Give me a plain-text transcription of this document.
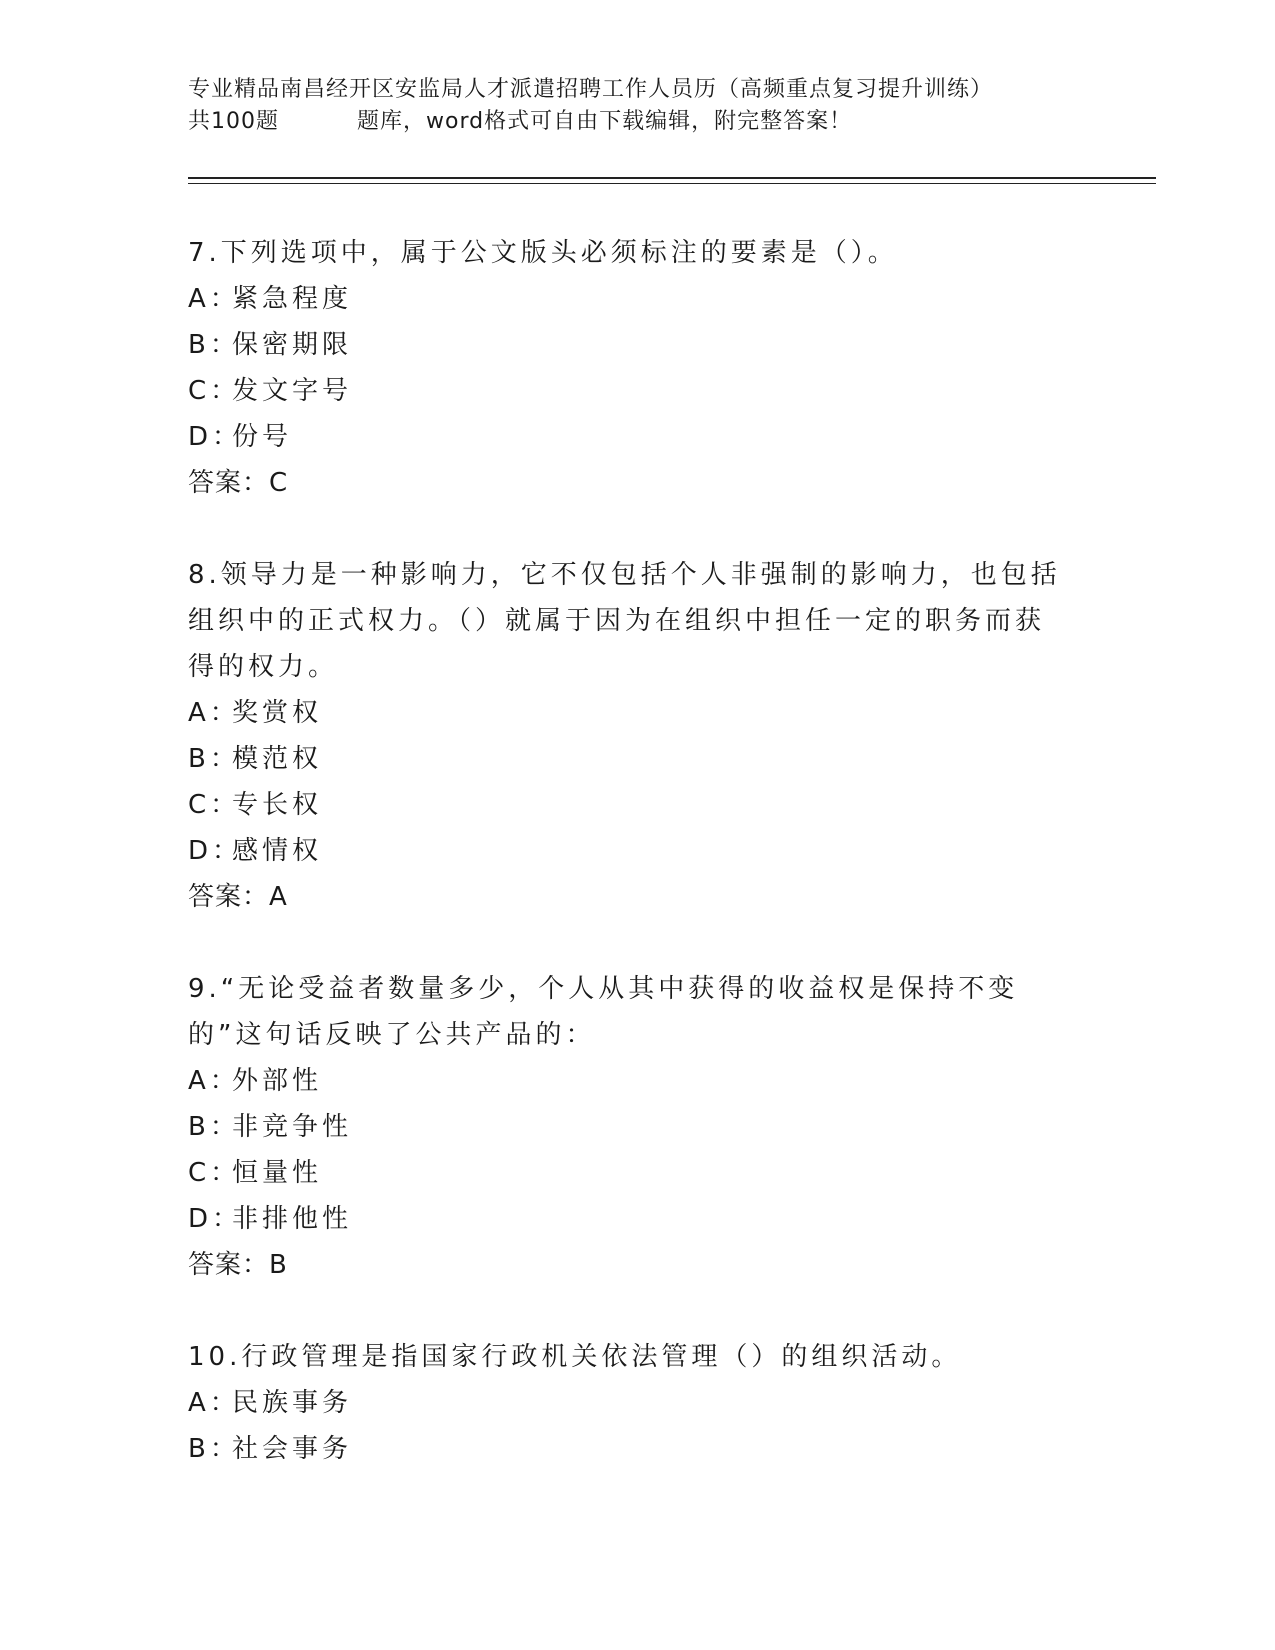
专业精品南昌经开区安监局人才派遣招聘工作人员历（高频重点复习提升训练）
共100题	题库，word格式可自由下载编辑，附完整答案！

7.下列选项中，属于公文版头必须标注的要素是（）。

A：紧急程度

B：保密期限

C：发文字号

D：份号

答案：C

8.领导力是一种影响力，它不仅包括个人非强制的影响力，也包括组织中的正式权力。（）就属于因为在组织中担任一定的职务而获得的权力。

A：奖赏权

B：模范权

C：专长权

D：感情权

答案：A

9.“无论受益者数量多少，个人从其中获得的收益权是保持不变的”这句话反映了公共产品的：

A：外部性

B：非竞争性

C：恒量性

D：非排他性

答案：B

10.行政管理是指国家行政机关依法管理（）的组织活动。

A：民族事务

B：社会事务
